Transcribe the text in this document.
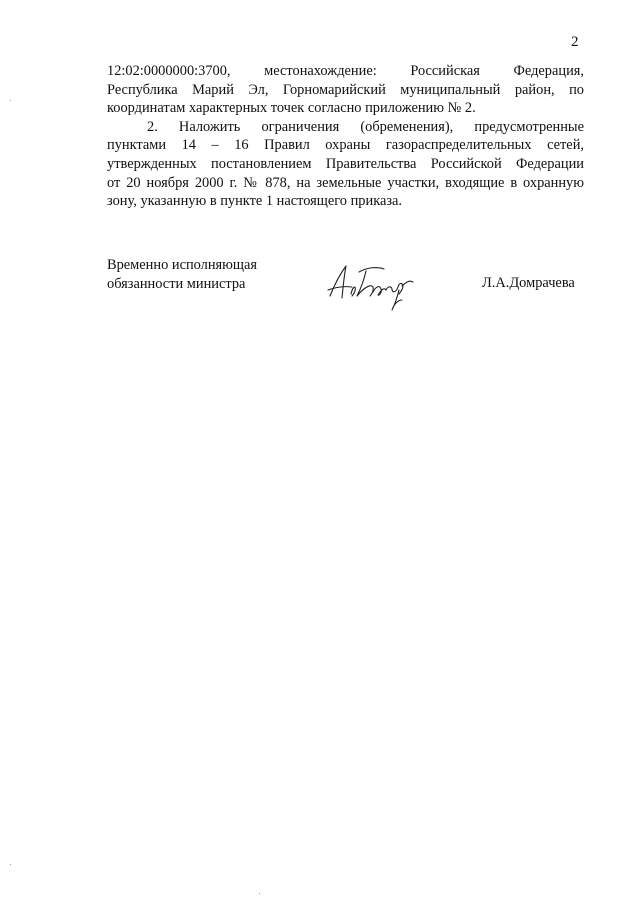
2
12:02:0000000:3700, местонахождение: Российская Федерация,
Республика Марий Эл, Горномарийский муниципальный район, по
координатам характерных точек согласно приложению № 2.
2. Наложить ограничения (обременения), предусмотренные
пунктами 14 – 16 Правил охраны газораспределительных сетей,
утвержденных постановлением Правительства Российской Федерации
от 20 ноября 2000 г. № 878, на земельные участки, входящие в охранную
зону, указанную в пункте 1 настоящего приказа.
Временно исполняющая
обязанности министра	Л.А.Домрачева
